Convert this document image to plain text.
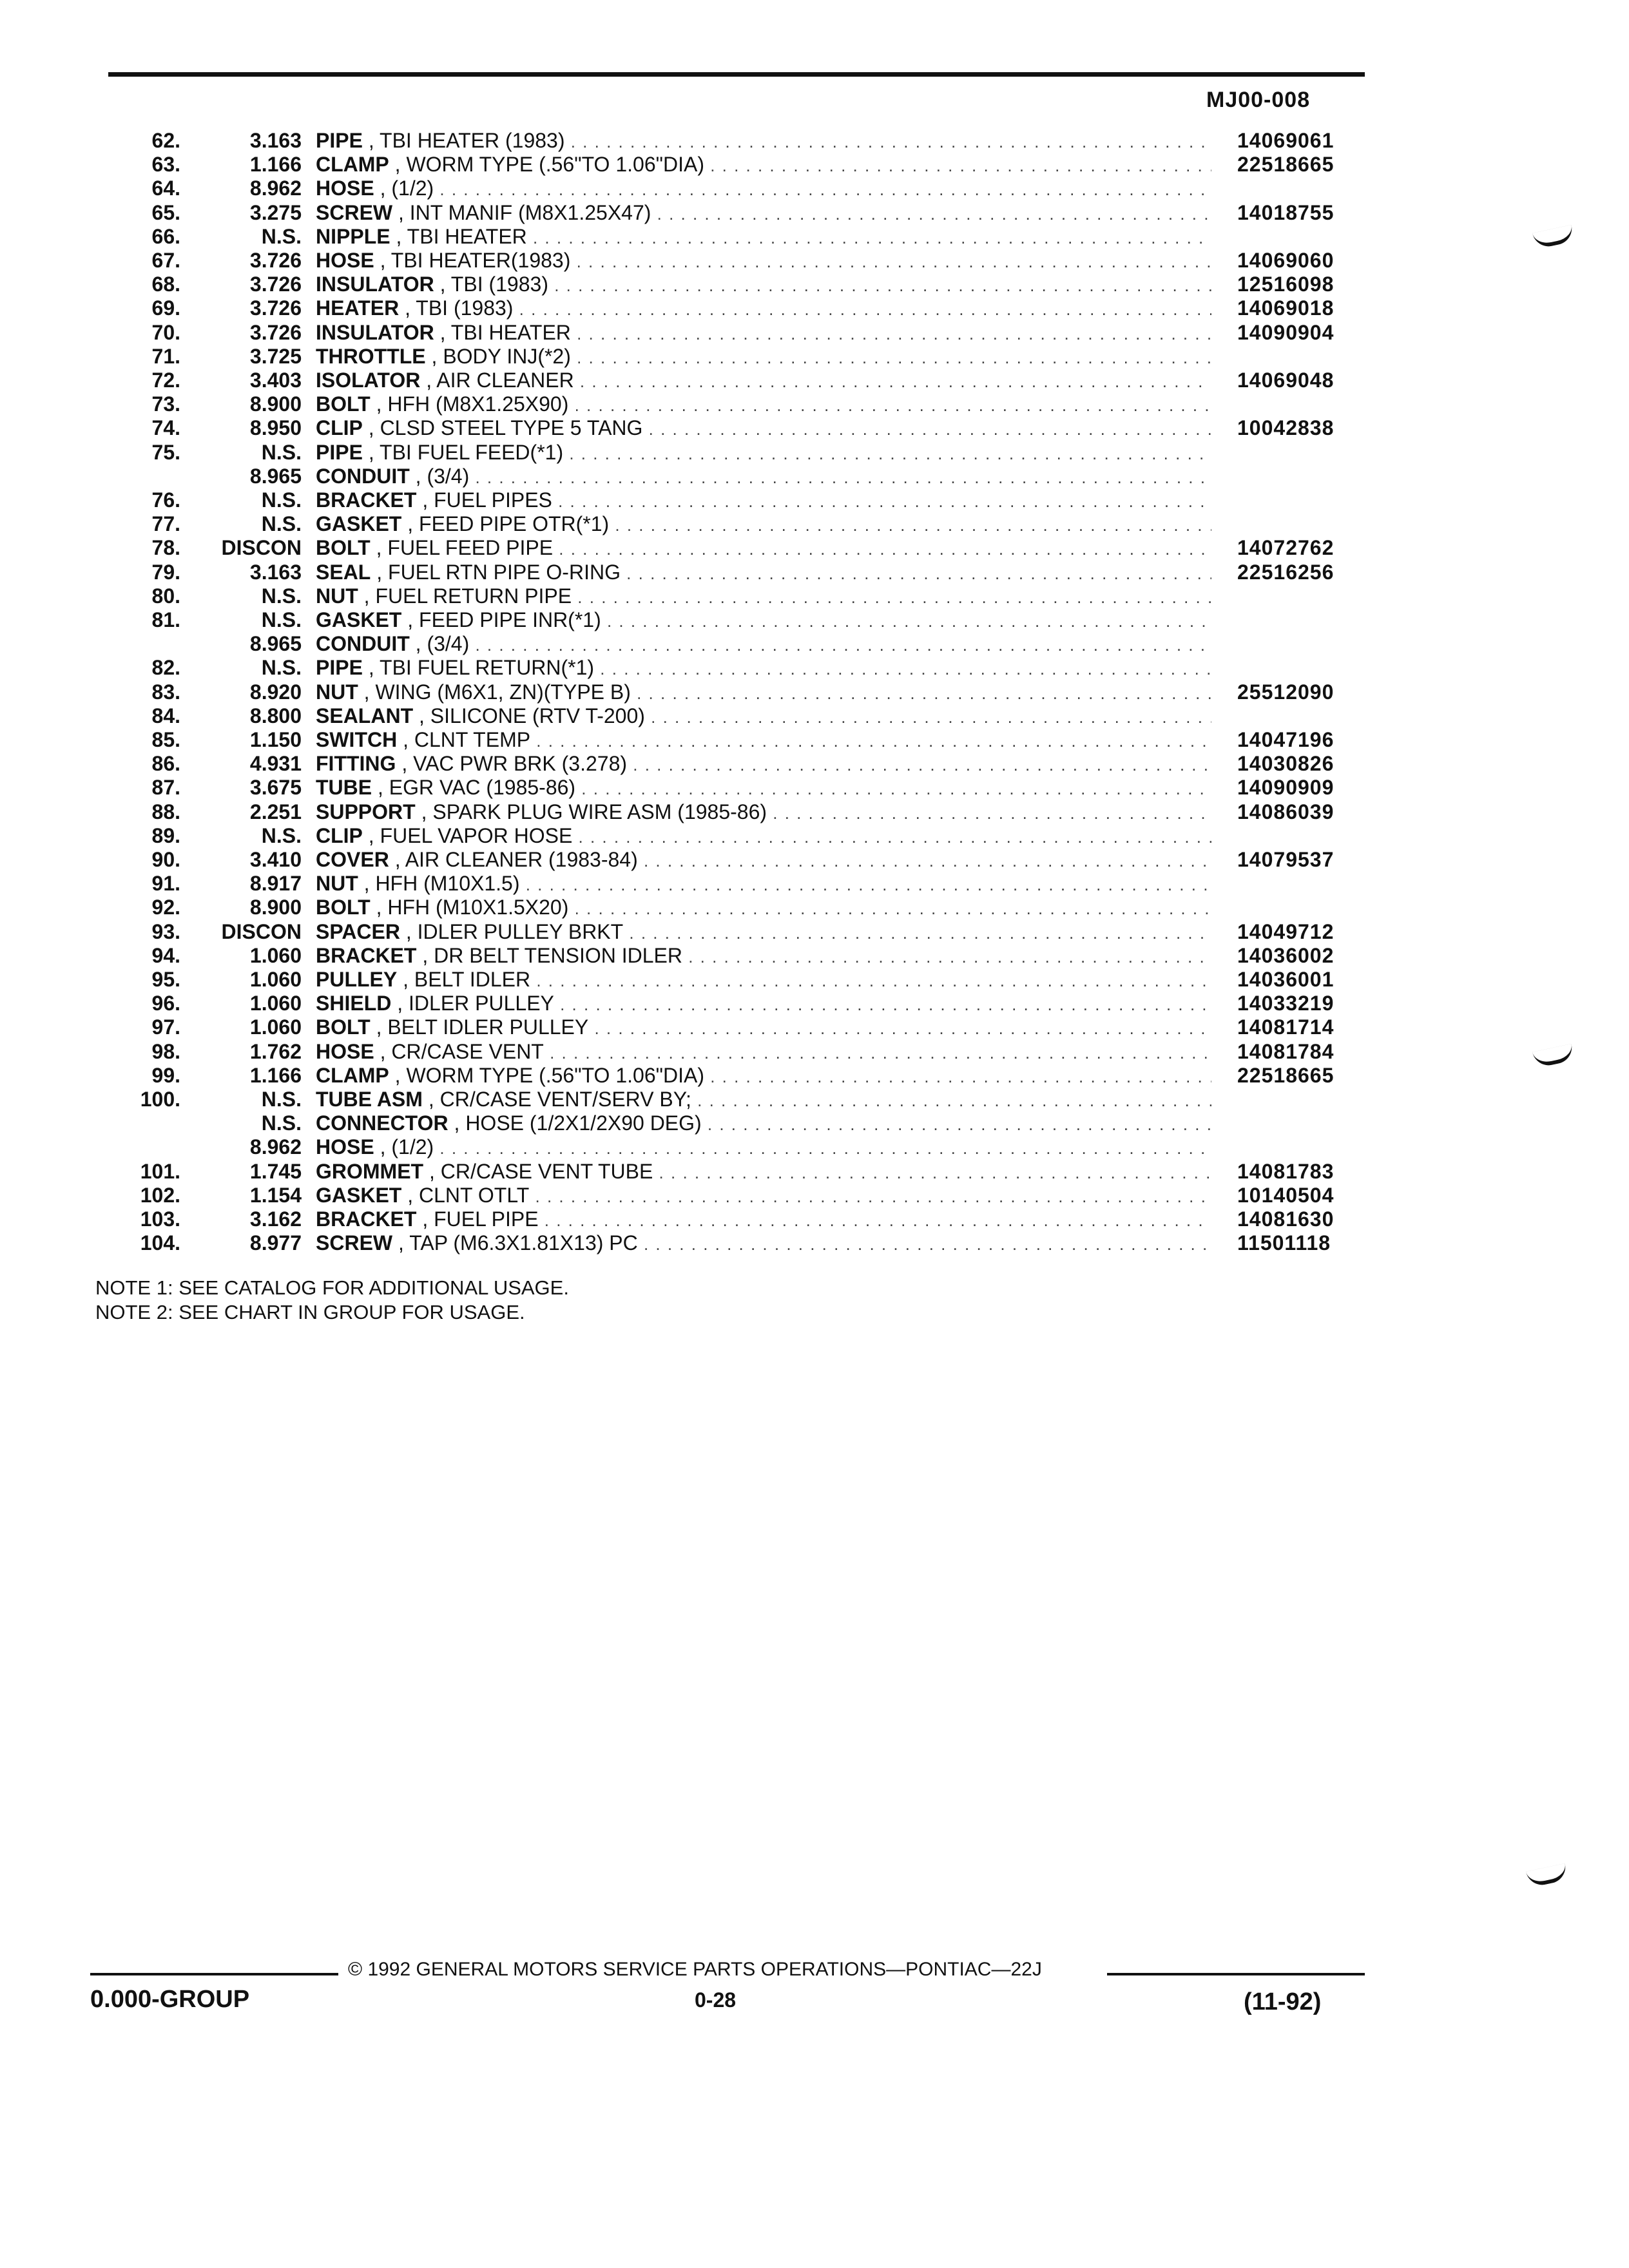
MJ00-008
62.	3.163 PIPE , TBI HEATER (1983) . . .	14069061
63.	1.166 CLAMP , WORM TYPE (.56"TO 1.06"DIA) . . .	22518665
64.	8.962 HOSE , (1/2) . . .
65.	3.275 SCREW , INT MANIF (M8X1.25X47) . . .	14018755
66.	N.S. NIPPLE , TBI HEATER . . .
67.	3.726 HOSE , TBI HEATER(1983) . . .	14069060
68.	3.726 INSULATOR , TBI (1983) . . .	12516098
69.	3.726 HEATER , TBI (1983) . . .	14069018
70.	3.726 INSULATOR , TBI HEATER . . .	14090904
71.	3.725 THROTTLE , BODY INJ(*2) . . .
72.	3.403 ISOLATOR , AIR CLEANER . . .	14069048
73.	8.900 BOLT , HFH (M8X1.25X90) . . .
74.	8.950 CLIP , CLSD STEEL TYPE 5 TANG . . .	10042838
75.	N.S. PIPE , TBI FUEL FEED(*1) . . .
8.965 CONDUIT , (3/4) . . .
76.	N.S. BRACKET , FUEL PIPES . . .
77.	N.S. GASKET , FEED PIPE OTR(*1) . . .
78. DISCON BOLT , FUEL FEED PIPE . . .	14072762
79.	3.163 SEAL , FUEL RTN PIPE O-RING . . .	22516256
80.	N.S. NUT , FUEL RETURN PIPE . . .
81.	N.S. GASKET , FEED PIPE INR(*1) . . .
8.965 CONDUIT , (3/4) . . .
82.	N.S. PIPE , TBI FUEL RETURN(*1) . . .
83.	8.920 NUT , WING (M6X1, ZN)(TYPE B) . . .	25512090
84.	8.800 SEALANT , SILICONE (RTV T-200) . . .
85.	1.150 SWITCH , CLNT TEMP . . .	14047196
86.	4.931 FITTING , VAC PWR BRK (3.278) . . .	14030826
87.	3.675 TUBE , EGR VAC (1985-86) . . .	14090909
88.	2.251 SUPPORT , SPARK PLUG WIRE ASM (1985-86) . . .	14086039
89.	N.S. CLIP , FUEL VAPOR HOSE . . .
90.	3.410 COVER , AIR CLEANER (1983-84) . . .	14079537
91.	8.917 NUT , HFH (M10X1.5) . . .
92.	8.900 BOLT , HFH (M10X1.5X20) . . .
93. DISCON SPACER , IDLER PULLEY BRKT . . .	14049712
94.	1.060 BRACKET , DR BELT TENSION IDLER . . .	14036002
95.	1.060 PULLEY , BELT IDLER . . .	14036001
96.	1.060 SHIELD , IDLER PULLEY . . .	14033219
97.	1.060 BOLT , BELT IDLER PULLEY . . .	14081714
98.	1.762 HOSE , CR/CASE VENT . . .	14081784
99.	1.166 CLAMP , WORM TYPE (.56"TO 1.06"DIA) . . .	22518665
100.	N.S. TUBE ASM , CR/CASE VENT/SERV BY; . . .
N.S. CONNECTOR , HOSE (1/2X1/2X90 DEG) . . .
8.962 HOSE , (1/2) . . .
101.	1.745 GROMMET , CR/CASE VENT TUBE . . .	14081783
102.	1.154 GASKET , CLNT OTLT . . .	10140504
103.	3.162 BRACKET , FUEL PIPE . . .	14081630
104.	8.977 SCREW , TAP (M6.3X1.81X13) PC . . .	11501118
NOTE 1: SEE CATALOG FOR ADDITIONAL USAGE.
NOTE 2: SEE CHART IN GROUP FOR USAGE.
© 1992 GENERAL MOTORS SERVICE PARTS OPERATIONS—PONTIAC—22J
0.000-GROUP	0-28	(11-92)
